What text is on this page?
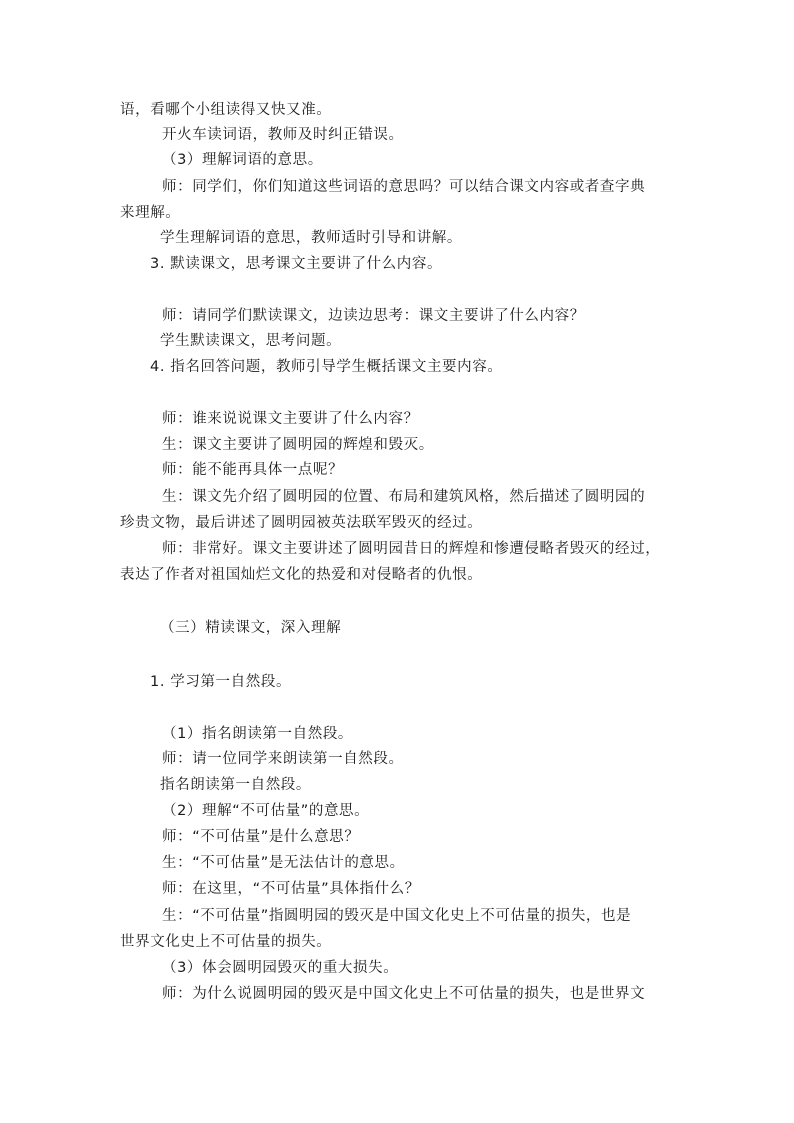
语，看哪个小组读得又快又准。
开火车读词语，教师及时纠正错误。
（3）理解词语的意思。
师：同学们，你们知道这些词语的意思吗？可以结合课文内容或者查字典
来理解。
学生理解词语的意思，教师适时引导和讲解。
3. 默读课文，思考课文主要讲了什么内容。
师：请同学们默读课文，边读边思考：课文主要讲了什么内容？
学生默读课文，思考问题。
4. 指名回答问题，教师引导学生概括课文主要内容。
师：谁来说说课文主要讲了什么内容？
生：课文主要讲了圆明园的辉煌和毁灭。
师：能不能再具体一点呢？
生：课文先介绍了圆明园的位置、布局和建筑风格，然后描述了圆明园的
珍贵文物，最后讲述了圆明园被英法联军毁灭的经过。
师：非常好。课文主要讲述了圆明园昔日的辉煌和惨遭侵略者毁灭的经过，
表达了作者对祖国灿烂文化的热爱和对侵略者的仇恨。
（三）精读课文，深入理解
1. 学习第一自然段。
（1）指名朗读第一自然段。
师：请一位同学来朗读第一自然段。
指名朗读第一自然段。
（2）理解“不可估量”的意思。
师：“不可估量”是什么意思？
生：“不可估量”是无法估计的意思。
师：在这里，“不可估量”具体指什么？
生：“不可估量”指圆明园的毁灭是中国文化史上不可估量的损失，也是
世界文化史上不可估量的损失。
（3）体会圆明园毁灭的重大损失。
师：为什么说圆明园的毁灭是中国文化史上不可估量的损失，也是世界文
